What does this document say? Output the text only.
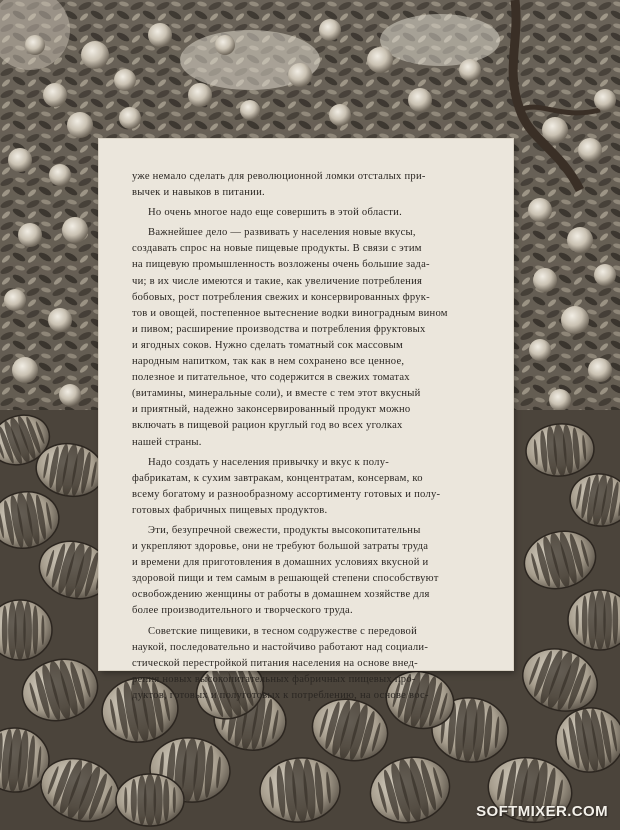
уже немало сделать для революционной ломки отсталых при-
вычек и навыков в питании.
Но очень многое надо еще совершить в этой области.
Важнейшее дело — развивать у населения новые вкусы,
создавать спрос на новые пищевые продукты. В связи с этим
на пищевую промышленность возложены очень большие зада-
чи; в их числе имеются и такие, как увеличение потребления
бобовых, рост потребления свежих и консервированных фрук-
тов и овощей, постепенное вытеснение водки виноградным вином
и пивом; расширение производства и потребления фруктовых
и ягодных соков. Нужно сделать томатный сок массовым
народным напитком, так как в нем сохранено все ценное,
полезное и питательное, что содержится в свежих томатах
(витамины, минеральные соли), и вместе с тем этот вкусный
и приятный, надежно законсервированный продукт можно
включать в пищевой рацион круглый год во всех уголках
нашей страны.
Надо создать у населения привычку и вкус к полу-
фабрикатам, к сухим завтракам, концентратам, консервам, ко
всему богатому и разнообразному ассортименту готовых и полу-
готовых фабричных пищевых продуктов.
Эти, безупречной свежести, продукты высокопитательны
и укрепляют здоровье, они не требуют большой затраты труда
и времени для приготовления в домашних условиях вкусной и
здоровой пищи и тем самым в решающей степени способствуют
освобождению женщины от работы в домашнем хозяйстве для
более производительного и творческого труда.
Советские пищевики, в тесном содружестве с передовой
наукой, последовательно и настойчиво работают над социали-
стической перестройкой питания населения на основе внед-
рения новых высокопитательных фабричных пищевых про-
дуктов, готовых и полуготовых к потреблению, на основе вос-
SOFTMIXER.COM
